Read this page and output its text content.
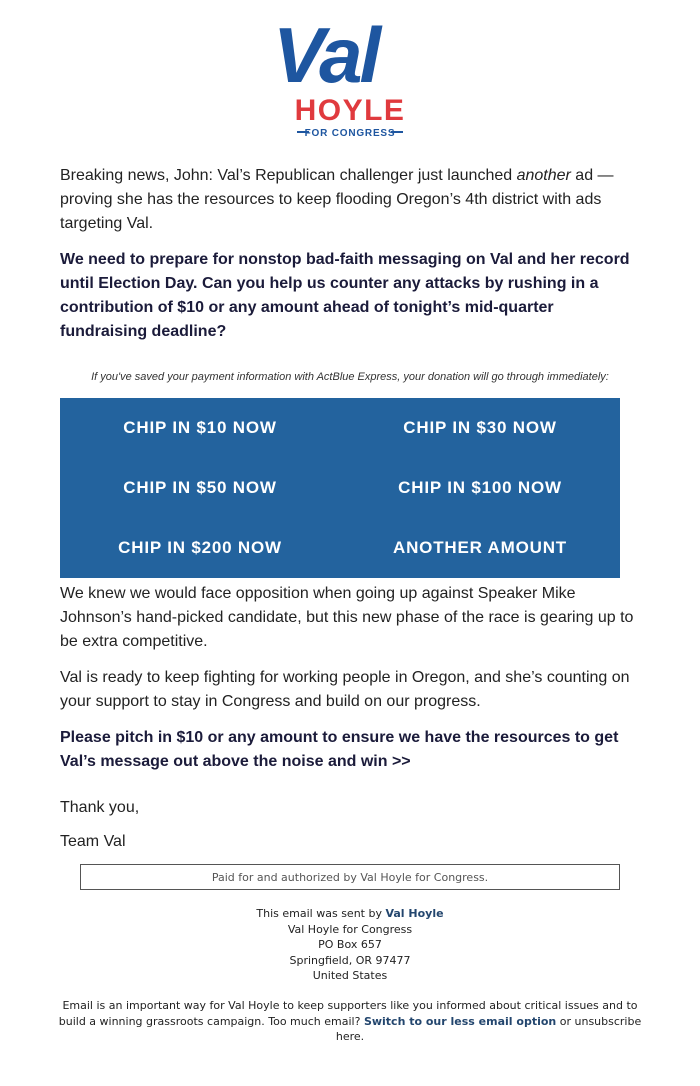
Val
HOYLE
FOR CONGRESS

Breaking news, John: Val’s Republican challenger just launched another ad — proving she has the resources to keep flooding Oregon’s 4th district with ads targeting Val.

We need to prepare for nonstop bad-faith messaging on Val and her record until Election Day. Can you help us counter any attacks by rushing in a contribution of $10 or any amount ahead of tonight’s mid-quarter fundraising deadline?

If you've saved your payment information with ActBlue Express, your donation will go through immediately:
CHIP IN $10 NOW	CHIP IN $30 NOW
CHIP IN $50 NOW	CHIP IN $100 NOW
CHIP IN $200 NOW	ANOTHER AMOUNT

We knew we would face opposition when going up against Speaker Mike Johnson’s hand-picked candidate, but this new phase of the race is gearing up to be extra competitive.

Val is ready to keep fighting for working people in Oregon, and she’s counting on your support to stay in Congress and build on our progress.

Please pitch in $10 or any amount to ensure we have the resources to get Val’s message out above the noise and win >>

Thank you,

Team Val

Paid for and authorized by Val Hoyle for Congress.
This email was sent by Val Hoyle
Val Hoyle for Congress
PO Box 657
Springfield, OR 97477
United States
Email is an important way for Val Hoyle to keep supporters like you informed about critical issues and to build a winning grassroots campaign. Too much email? Switch to our less email option or unsubscribe here.
